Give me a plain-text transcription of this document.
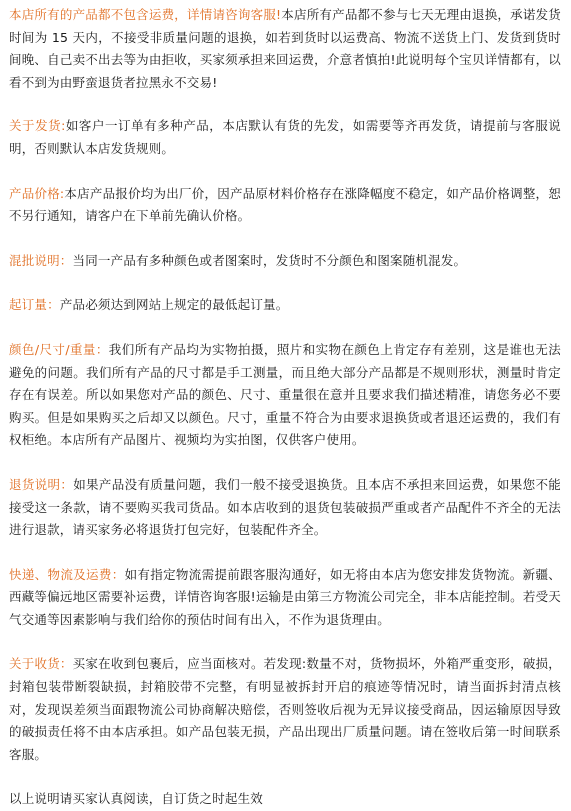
本店所有的产品都不包含运费，详情请咨询客服!本店所有产品都不参与七天无理由退换，承诺发货时间为 15 天内，不接受非质量问题的退换，如若到货时以运费高、物流不送货上门、发货到货时间晚、自己卖不出去等为由拒收，买家须承担来回运费，介意者慎拍!此说明每个宝贝详情都有，以看不到为由野蛮退货者拉黑永不交易!

关于发货:如客户一订单有多种产品，本店默认有货的先发，如需要等齐再发货，请提前与客服说明，否则默认本店发货规则。

产品价格:本店产品报价均为出厂价，因产品原材料价格存在涨降幅度不稳定，如产品价格调整，恕不另行通知，请客户在下单前先确认价格。

混批说明：当同一产品有多种颜色或者图案时，发货时不分颜色和图案随机混发。

起订量：产品必须达到网站上规定的最低起订量。

颜色/尺寸/重量：我们所有产品均为实物拍摄，照片和实物在颜色上肯定存有差别，这是谁也无法避免的问题。我们所有产品的尺寸都是手工测量，而且绝大部分产品都是不规则形状，测量时肯定存在有误差。所以如果您对产品的颜色、尺寸、重量很在意并且要求我们描述精准，请您务必不要购买。但是如果购买之后却又以颜色。尺寸，重量不符合为由要求退换货或者退还运费的，我们有权柜绝。本店所有产品图片、视频均为实拍图，仅供客户使用。

退货说明：如果产品没有质量问题，我们一般不接受退换货。且本店不承担来回运费，如果您不能接受这一条款，请不要购买我司货品。如本店收到的退货包装破损严重或者产品配件不齐全的无法进行退款，请买家务必将退货打包完好，包装配件齐全。

快递、物流及运费：如有指定物流需提前跟客服沟通好，如无将由本店为您安排发货物流。新疆、西藏等偏远地区需要补运费，详情咨询客服!运输是由第三方物流公司完全，非本店能控制。若受天气交通等因素影响与我们给你的预估时间有出入，不作为退货理由。

关于收货：买家在收到包裹后，应当面核对。若发现:数量不对，货物损坏，外箱严重变形，破损，封箱包装带断裂缺损，封箱胶带不完整，有明显被拆封开启的痕迹等情况时，请当面拆封清点核对，发现误差须当面跟物流公司协商解决赔偿，否则签收后视为无异议接受商品，因运输原因导致的破损责任将不由本店承担。如产品包装无损，产品出现出厂质量问题。请在签收后第一时间联系客服。

以上说明请买家认真阅读，自订货之时起生效
